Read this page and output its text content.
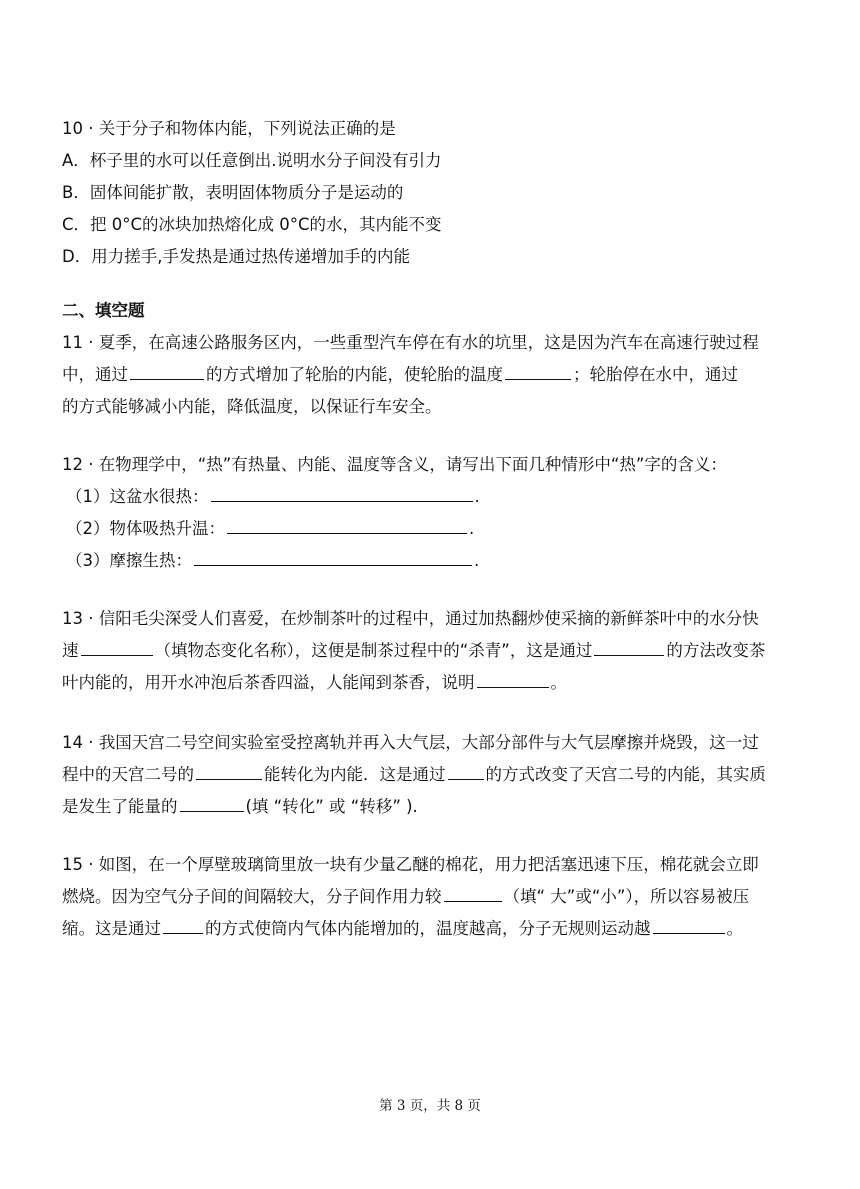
10 · 关于分子和物体内能，下列说法正确的是
A．杯子里的水可以任意倒出.说明水分子间没有引力
B．固体间能扩散，表明固体物质分子是运动的
C．把 0°C的冰块加热熔化成 0°C的水，其内能不变
D．用力搓手,手发热是通过热传递增加手的内能
二、填空题
11 · 夏季，在高速公路服务区内，一些重型汽车停在有水的坑里，这是因为汽车在高速行驶过程
中，通过	的方式增加了轮胎的内能，使轮胎的温度	；轮胎停在水中，通过
的方式能够减小内能，降低温度，以保证行车安全。
12 · 在物理学中，“热”有热量、内能、温度等含义，请写出下面几种情形中“热”字的含义：
（1）这盆水很热：	.
（2）物体吸热升温：	.
（3）摩擦生热：	.
13 · 信阳毛尖深受人们喜爱，在炒制茶叶的过程中，通过加热翻炒使采摘的新鲜茶叶中的水分快
速	（填物态变化名称），这便是制茶过程中的“杀青”，这是通过	的方法改变茶
叶内能的，用开水冲泡后茶香四溢，人能闻到茶香，说明	。
14 · 我国天宫二号空间实验室受控离轨并再入大气层，大部分部件与大气层摩擦并烧毁，这一过
程中的天宫二号的	能转化为内能．这是通过 的方式改变了天宫二号的内能，其实质
是发生了能量的	(填 “转化” 或 “转移” ).
15 · 如图，在一个厚壁玻璃筒里放一块有少量乙醚的棉花，用力把活塞迅速下压，棉花就会立即
燃烧。因为空气分子间的间隔较大，分子间作用力较	（填“ 大”或“小”），所以容易被压
缩。这是通过	的方式使筒内气体内能增加的，温度越高，分子无规则运动越	。
第 3 页，共 8 页
